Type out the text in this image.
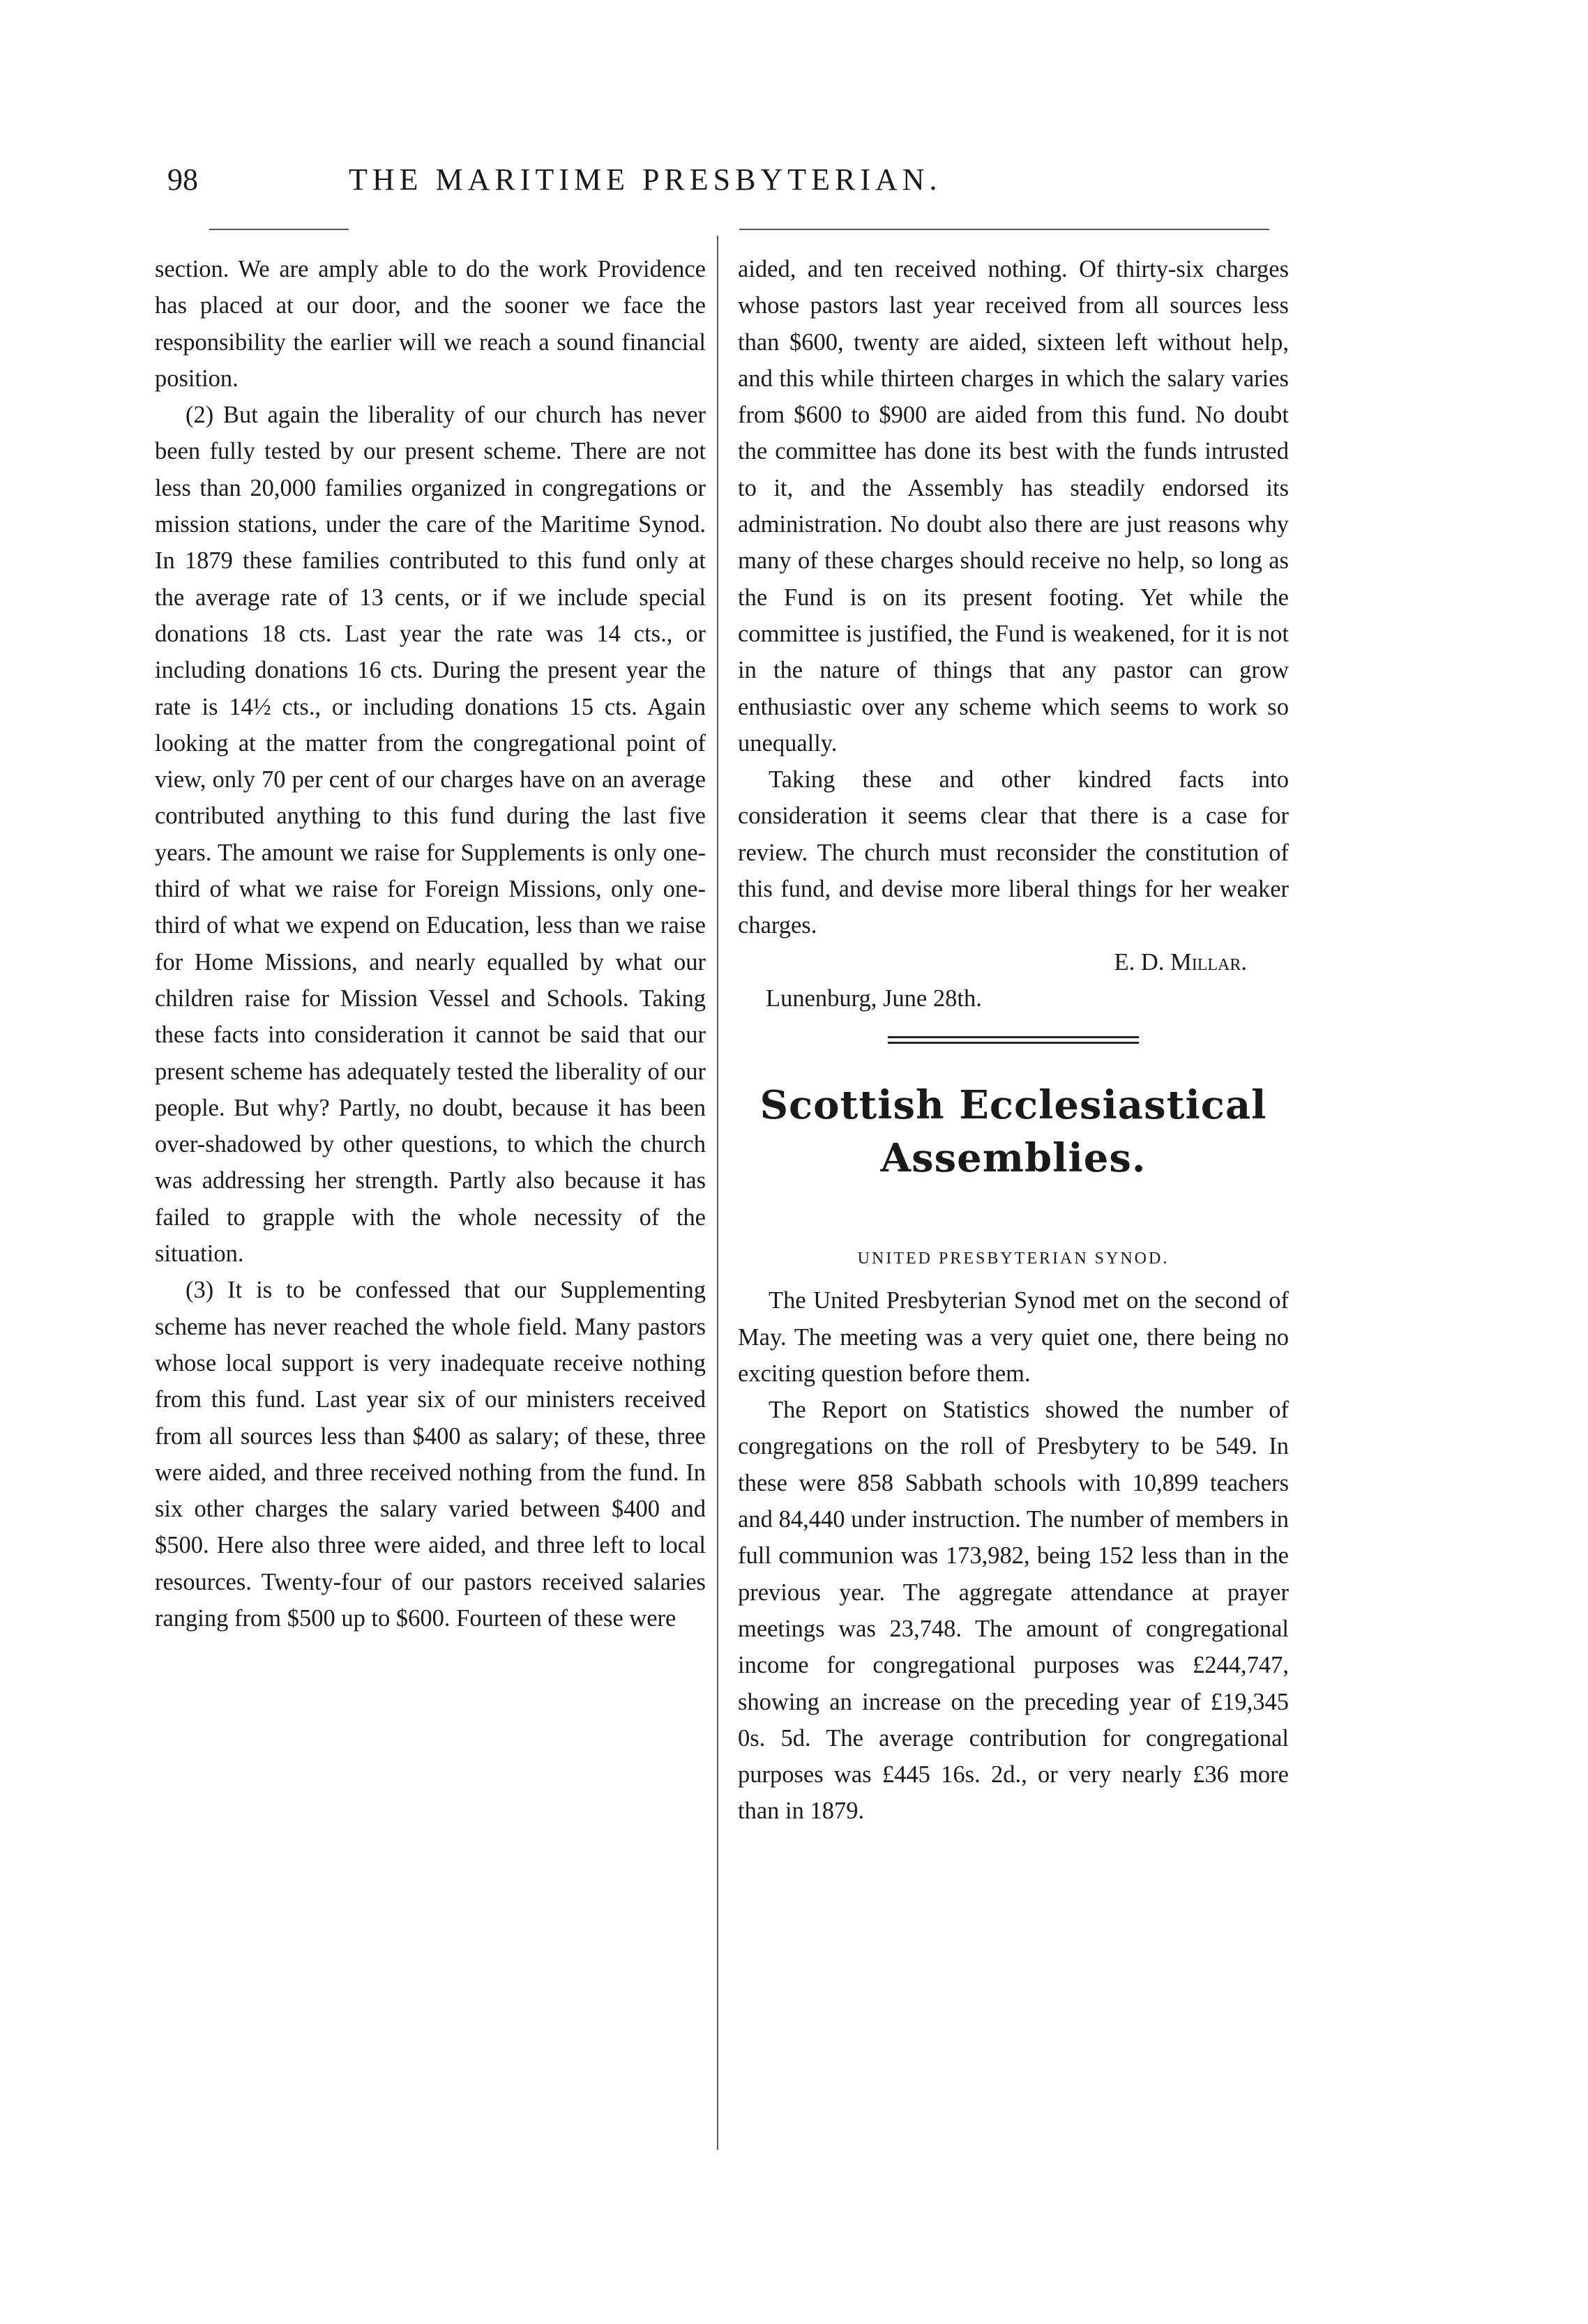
98	THE MARITIME PRESBYTERIAN.

section. We are amply able to do the work Providence has placed at our door, and the sooner we face the responsibility the earlier will we reach a sound financial position.

(2) But again the liberality of our church has never been fully tested by our present scheme. There are not less than 20,000 families organized in congregations or mission stations, under the care of the Maritime Synod. In 1879 these families contributed to this fund only at the average rate of 13 cents, or if we include special donations 18 cts. Last year the rate was 14 cts., or including donations 16 cts. During the present year the rate is 14½ cts., or including donations 15 cts. Again looking at the matter from the congregational point of view, only 70 per cent of our charges have on an average contributed anything to this fund during the last five years. The amount we raise for Supplements is only one-third of what we raise for Foreign Missions, only one-third of what we expend on Education, less than we raise for Home Missions, and nearly equalled by what our children raise for Mission Vessel and Schools. Taking these facts into consideration it cannot be said that our present scheme has adequately tested the liberality of our people. But why? Partly, no doubt, because it has been over-shadowed by other questions, to which the church was addressing her strength. Partly also because it has failed to grapple with the whole necessity of the situation.

(3) It is to be confessed that our Supplementing scheme has never reached the whole field. Many pastors whose local support is very inadequate receive nothing from this fund. Last year six of our ministers received from all sources less than $400 as salary; of these, three were aided, and three received nothing from the fund. In six other charges the salary varied between $400 and $500. Here also three were aided, and three left to local resources. Twenty-four of our pastors received salaries ranging from $500 up to $600. Fourteen of these were

aided, and ten received nothing. Of thirty-six charges whose pastors last year received from all sources less than $600, twenty are aided, sixteen left without help, and this while thirteen charges in which the salary varies from $600 to $900 are aided from this fund. No doubt the committee has done its best with the funds intrusted to it, and the Assembly has steadily endorsed its administration. No doubt also there are just reasons why many of these charges should receive no help, so long as the Fund is on its present footing. Yet while the committee is justified, the Fund is weakened, for it is not in the nature of things that any pastor can grow enthusiastic over any scheme which seems to work so unequally.

Taking these and other kindred facts into consideration it seems clear that there is a case for review. The church must reconsider the constitution of this fund, and devise more liberal things for her weaker charges.

E. D. Millar.

Lunenburg, June 28th.

Scottish Ecclesiastical
Assemblies.
UNITED PRESBYTERIAN SYNOD.

The United Presbyterian Synod met on the second of May. The meeting was a very quiet one, there being no exciting question before them.

The Report on Statistics showed the number of congregations on the roll of Presbytery to be 549. In these were 858 Sabbath schools with 10,899 teachers and 84,440 under instruction. The number of members in full communion was 173,982, being 152 less than in the previous year. The aggregate attendance at prayer meetings was 23,748. The amount of congregational income for congregational purposes was £244,747, showing an increase on the preceding year of £19,345 0s. 5d. The average contribution for congregational purposes was £445 16s. 2d., or very nearly £36 more than in 1879.
